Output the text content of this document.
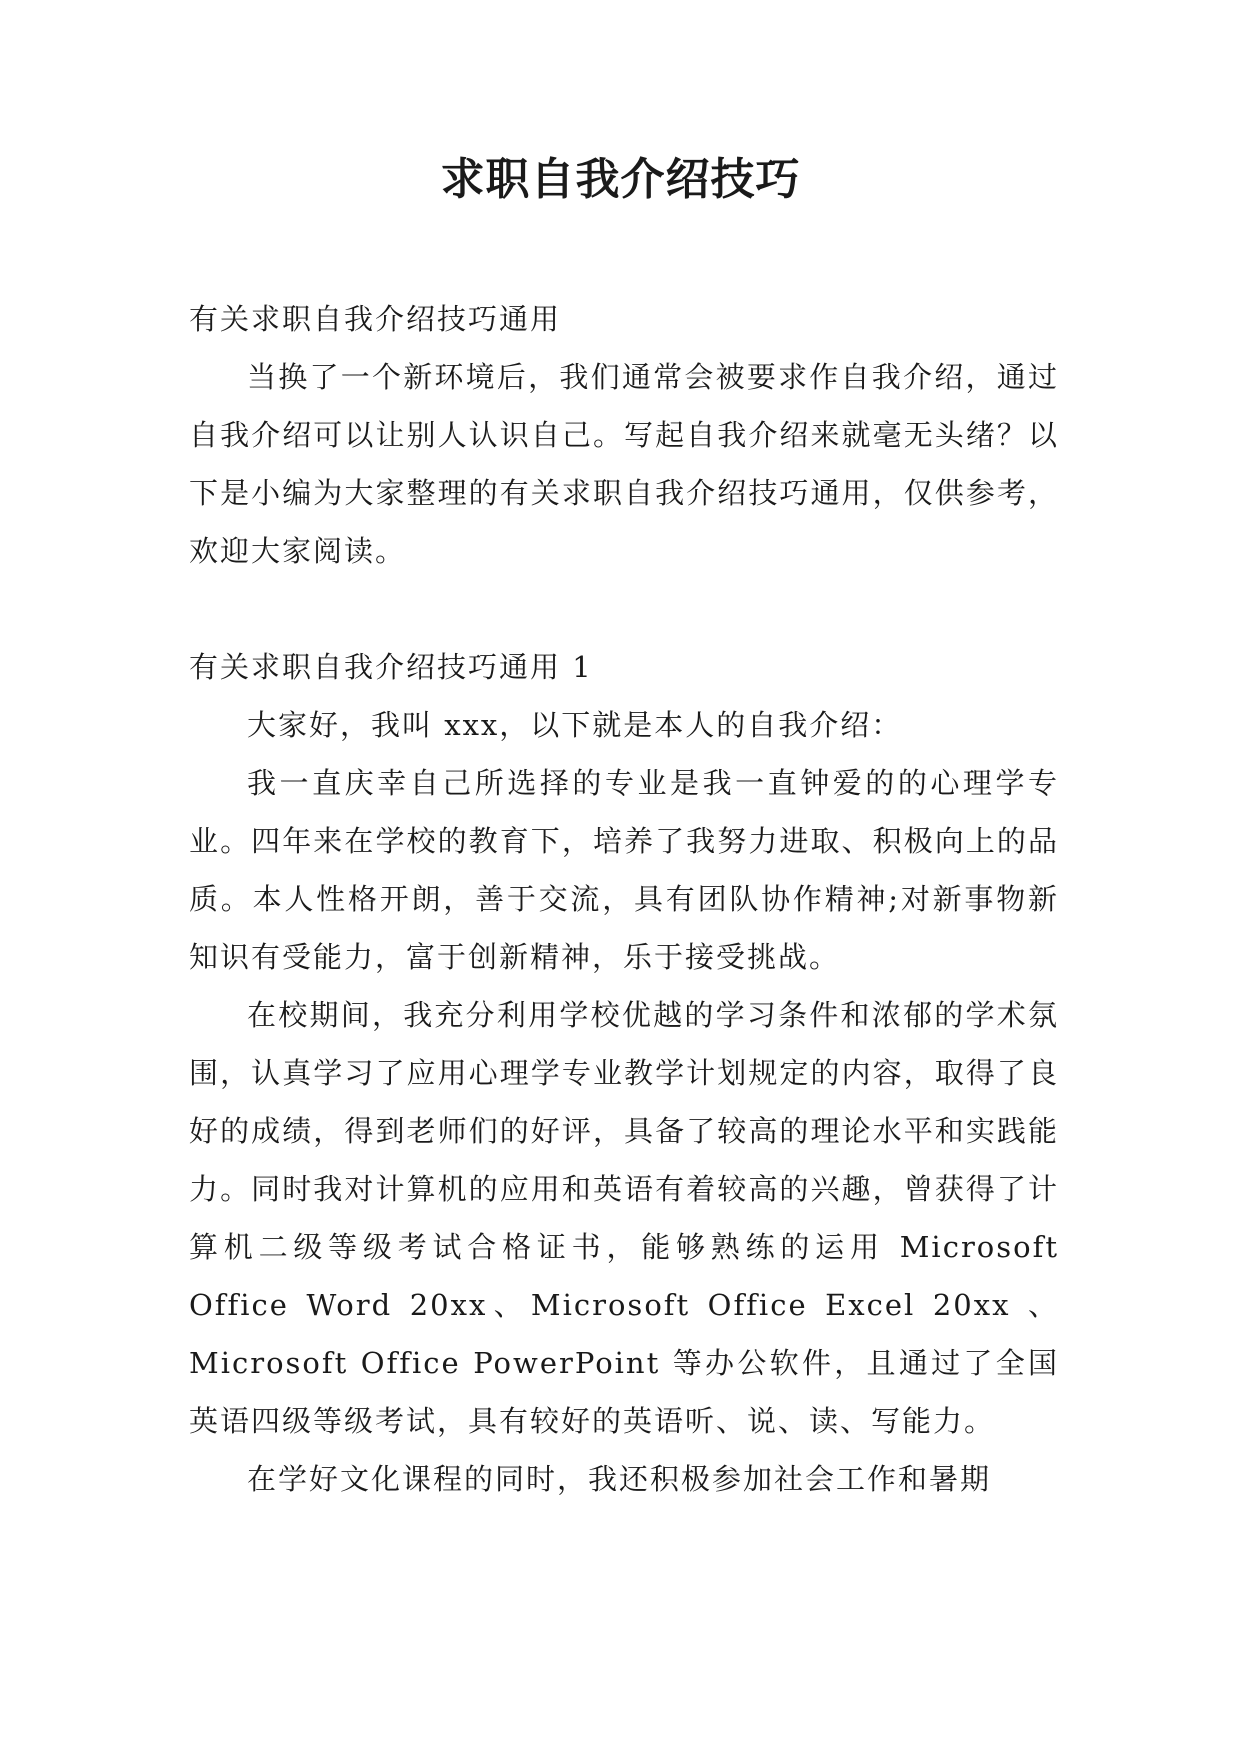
求职自我介绍技巧

有关求职自我介绍技巧通用

当换了一个新环境后，我们通常会被要求作自我介绍，通过自我介绍可以让别人认识自己。写起自我介绍来就毫无头绪？以下是小编为大家整理的有关求职自我介绍技巧通用，仅供参考，欢迎大家阅读。

有关求职自我介绍技巧通用 1

大家好，我叫 xxx，以下就是本人的自我介绍：

我一直庆幸自己所选择的专业是我一直钟爱的的心理学专业。四年来在学校的教育下，培养了我努力进取、积极向上的品质。本人性格开朗，善于交流，具有团队协作精神;对新事物新知识有受能力，富于创新精神，乐于接受挑战。

在校期间，我充分利用学校优越的学习条件和浓郁的学术氛围，认真学习了应用心理学专业教学计划规定的内容，取得了良好的成绩，得到老师们的好评，具备了较高的理论水平和实践能力。同时我对计算机的应用和英语有着较高的兴趣，曾获得了计算机二级等级考试合格证书，能够熟练的运用 Microsoft Office Word 20xx、Microsoft Office Excel 20xx 、Microsoft Office PowerPoint 等办公软件，且通过了全国英语四级等级考试，具有较好的英语听、说、读、写能力。

在学好文化课程的同时，我还积极参加社会工作和暑期
